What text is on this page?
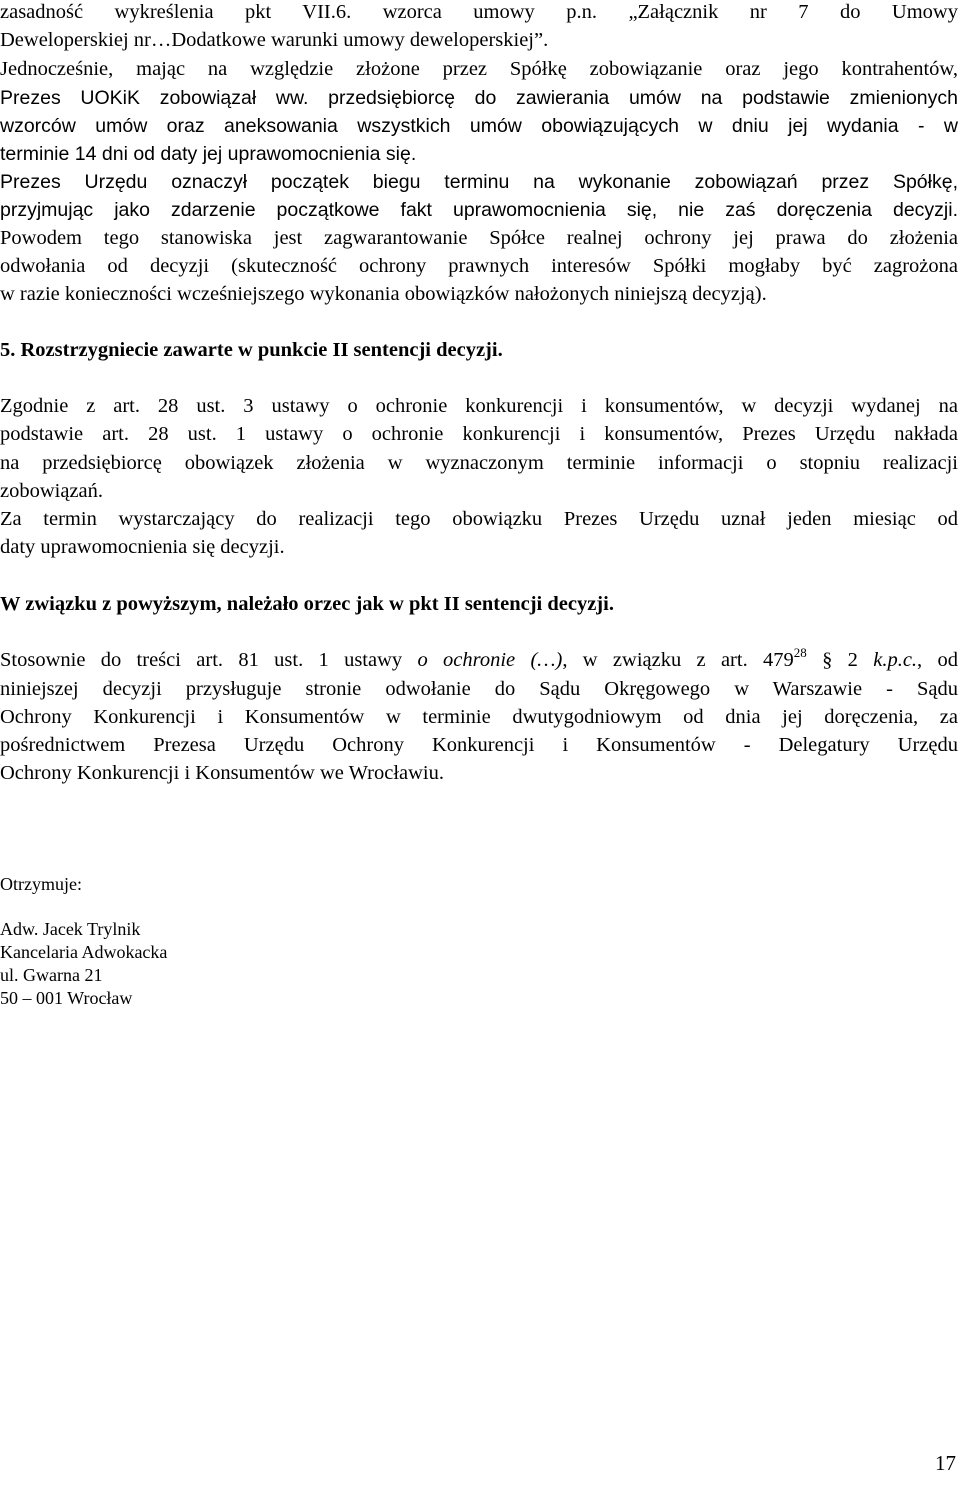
zasadność wykreślenia pkt VII.6. wzorca umowy p.n. „Załącznik nr 7 do Umowy
Deweloperskiej nr…Dodatkowe warunki umowy deweloperskiej”.
Jednocześnie, mając na względzie złożone przez Spółkę zobowiązanie oraz jego kontrahentów,
Prezes UOKiK zobowiązał ww. przedsiębiorcę do zawierania umów na podstawie zmienionych
wzorców umów oraz aneksowania wszystkich umów obowiązujących w dniu jej wydania - w
terminie 14 dni od daty jej uprawomocnienia się.
Prezes Urzędu oznaczył początek biegu terminu na wykonanie zobowiązań przez Spółkę,
przyjmując jako zdarzenie początkowe fakt uprawomocnienia się, nie zaś doręczenia decyzji.
Powodem tego stanowiska jest zagwarantowanie Spółce realnej ochrony jej prawa do złożenia
odwołania od decyzji (skuteczność ochrony prawnych interesów Spółki mogłaby być zagrożona
w razie konieczności wcześniejszego wykonania obowiązków nałożonych niniejszą decyzją).
5. Rozstrzygniecie zawarte w punkcie II sentencji decyzji.
Zgodnie z art. 28 ust. 3 ustawy o ochronie konkurencji i konsumentów, w decyzji wydanej na
podstawie art. 28 ust. 1 ustawy o ochronie konkurencji i konsumentów, Prezes Urzędu nakłada
na przedsiębiorcę obowiązek złożenia w wyznaczonym terminie informacji o stopniu realizacji
zobowiązań.
Za termin wystarczający do realizacji tego obowiązku Prezes Urzędu uznał jeden miesiąc od
daty uprawomocnienia się decyzji.
W związku z powyższym, należało orzec jak w pkt II sentencji decyzji.
Stosownie do treści art. 81 ust. 1 ustawy o ochronie (…), w związku z art. $479^{28}$ § 2 k.p.c., od
niniejszej decyzji przysługuje stronie odwołanie do Sądu Okręgowego w Warszawie - Sądu
Ochrony Konkurencji i Konsumentów w terminie dwutygodniowym od dnia jej doręczenia, za
pośrednictwem Prezesa Urzędu Ochrony Konkurencji i Konsumentów - Delegatury Urzędu
Ochrony Konkurencji i Konsumentów we Wrocławiu.
Otrzymuje:
Adw. Jacek Trylnik
Kancelaria Adwokacka
ul. Gwarna 21
50 – 001 Wrocław
17
